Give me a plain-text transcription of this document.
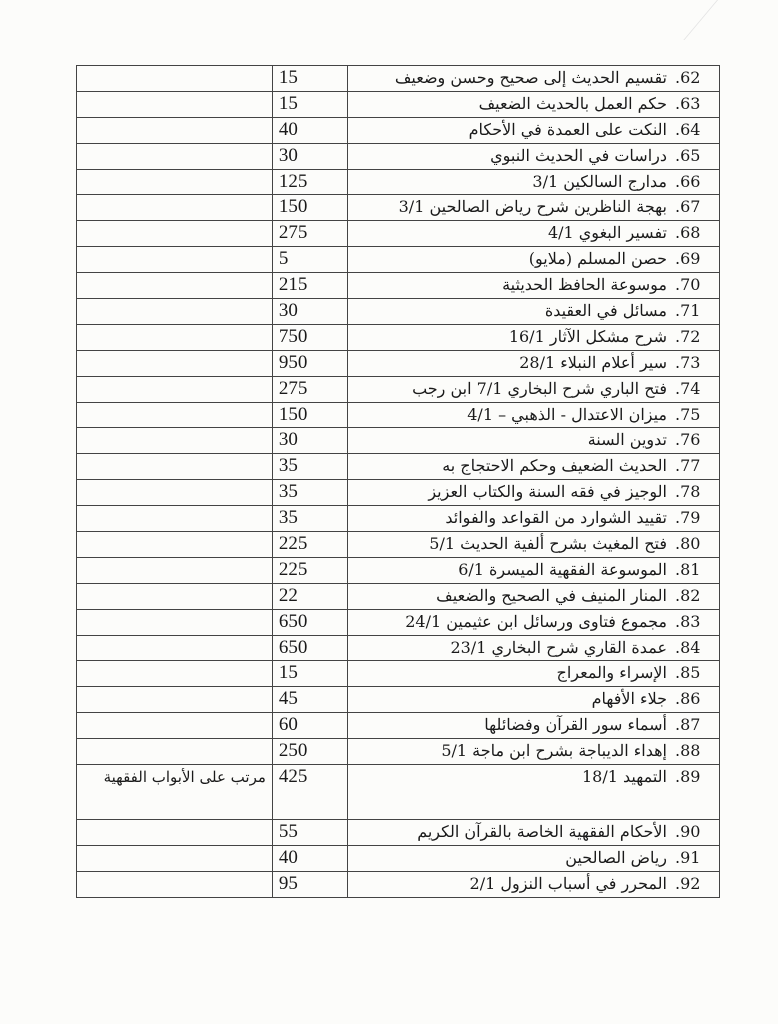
.62تقسيم الحديث إلى صحيح وحسن وضعيف	15	
.63حكم العمل بالحديث الضعيف	15	
.64النكت على العمدة في الأحكام	40	
.65دراسات في الحديث النبوي	30	
.66مدارج السالكين 3/1	125	
.67بهجة الناظرين شرح رياض الصالحين 3/1	150	
.68تفسير البغوي 4/1	275	
.69حصن المسلم (ملايو)	5	
.70موسوعة الحافظ الحديثية	215	
.71مسائل في العقيدة	30	
.72شرح مشكل الآثار 16/1	750	
.73سير أعلام النبلاء 28/1	950	
.74فتح الباري شرح البخاري 7/1 ابن رجب	275	
.75ميزان الاعتدال - الذهبي – 4/1	150	
.76تدوين السنة	30	
.77الحديث الضعيف وحكم الاحتجاج به	35	
.78الوجيز في فقه السنة والكتاب العزيز	35	
.79تقييد الشوارد من القواعد والفوائد	35	
.80فتح المغيث بشرح ألفية الحديث 5/1	225	
.81الموسوعة الفقهية الميسرة 6/1	225	
.82المنار المنيف في الصحيح والضعيف	22	
.83مجموع فتاوى ورسائل ابن عثيمين 24/1	650	
.84عمدة القاري شرح البخاري 23/1	650	
.85الإسراء والمعراج	15	
.86جلاء الأفهام	45	
.87أسماء سور القرآن وفضائلها	60	
.88إهداء الديباجة بشرح ابن ماجة 5/1	250	
.89التمهيد 18/1	425	مرتب على الأبواب الفقهية
.90الأحكام الفقهية الخاصة بالقرآن الكريم	55	
.91رياض الصالحين	40	
.92المحرر في أسباب النزول 2/1	95	
